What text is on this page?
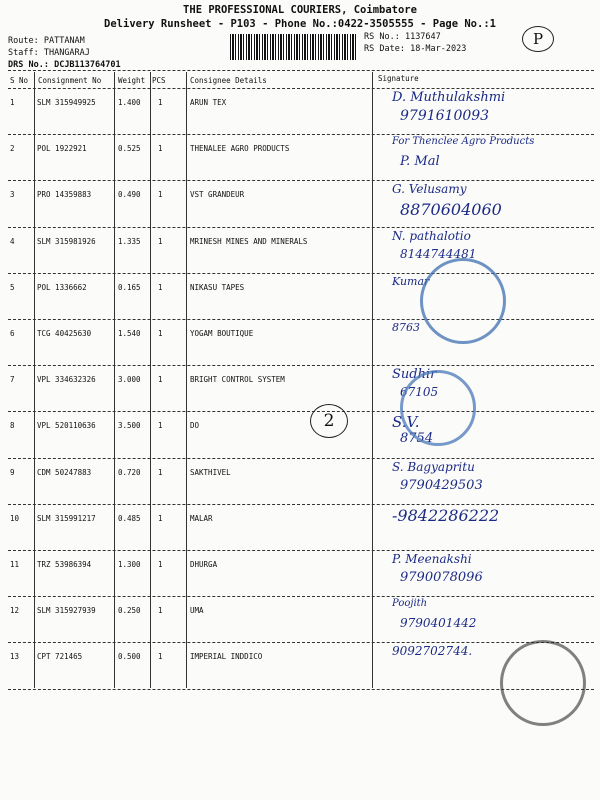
THE PROFESSIONAL COURIERS, Coimbatore
Delivery Runsheet - P103 - Phone No.:0422-3505555 - Page No.:1
Route: PATTANAM
Staff: THANGARAJ
DRS No.: DCJB113764701
RS No.: 1137647
RS Date: 18-Mar-2023
P
S No Consignment No Weight PCS	Consignee Details	Signature
1	SLM 315949925	1.400 1	ARUN TEX	D. Muthulakshmi
9791610093
2	POL 1922921	0.525 1	THENALEE AGRO PRODUCTS
For Thenclee Agro Products
P. Mal
3	PRO 14359883	0.490 1	VST GRANDEUR	G. Velusamy
8870604060
4	SLM 315981926	1.335 1	MRINESH MINES AND MINERALS	N. pathalotio
8144744481
5	POL 1336662	0.165 1	NIKASU TAPES	Kumar
6	TCG 40425630	1.540 1	YOGAM BOUTIQUE	8763
7	VPL 334632326	3.000 1	BRIGHT CONTROL SYSTEM	Sudhir
67105
8	VPL 520110636	3.500 1	DO	S.V.
8754
9	CDM 50247883	0.720 1	SAKTHIVEL	S. Bagyapritu
9790429503
10 SLM 315991217	0.485 1	MALAR	-9842286222
11 TRZ 53986394	1.300 1	DHURGA	P. Meenakshi
9790078096
12 SLM 315927939	0.250 1	UMA
Poojith
9790401442
13 CPT 721465	0.500 1	IMPERIAL INDDICO	9092702744.
2
